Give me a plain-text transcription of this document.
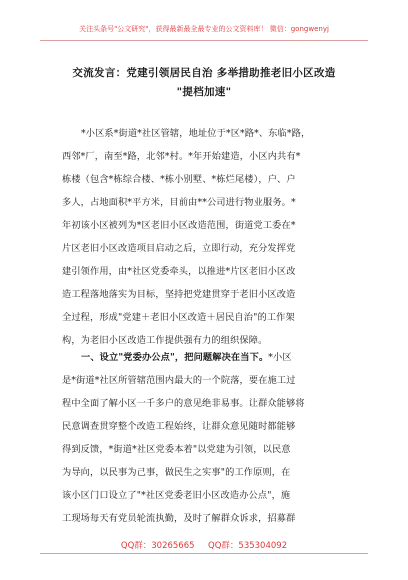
关注头条号"公文研究"，获得最新最全最专业的公文资料库！ 微信：gongwenyj
交流发言：党建引领居民自治 多举措助推老旧小区改造
"提档加速"
*小区系*街道*社区管辖，地址位于*区*路*、东临*路，
西邻*厂，南至*路，北邻*村。*年开始建造，小区内共有*
栋楼（包含*栋综合楼、*栋小别墅、*栋烂尾楼），户、户
多人，占地面积*平方米，目前由**公司进行物业服务。*
年初该小区被列为*区老旧小区改造范围，街道党工委在*
片区老旧小区改造项目启动之后，立即行动，充分发挥党
建引领作用，由*社区党委牵头，以推进*片区老旧小区改
造工程落地落实为目标，坚持把党建贯穿于老旧小区改造
全过程，形成"党建＋老旧小区改造＋居民自治"的工作架
构，为老旧小区改造工作提供强有力的组织保障。
一、设立"党委办公点"，把问题解决在当下。*小区
是*街道*社区所管辖范围内最大的一个院落，要在施工过
程中全面了解小区一千多户的意见绝非易事。让群众能够将
民意调查贯穿整个改造工程始终，让群众意见随时都能够
得到反馈，*街道*社区党委本着"以党建为引领，以民意
为导向，以民事为己事，做民生之实事"的工作原则，在
该小区门口设立了"*社区党委老旧小区改造办公点"，施
工现场每天有党员轮流执勤，及时了解群众诉求，招募群
QQ群：30265665     QQ群：535304092
